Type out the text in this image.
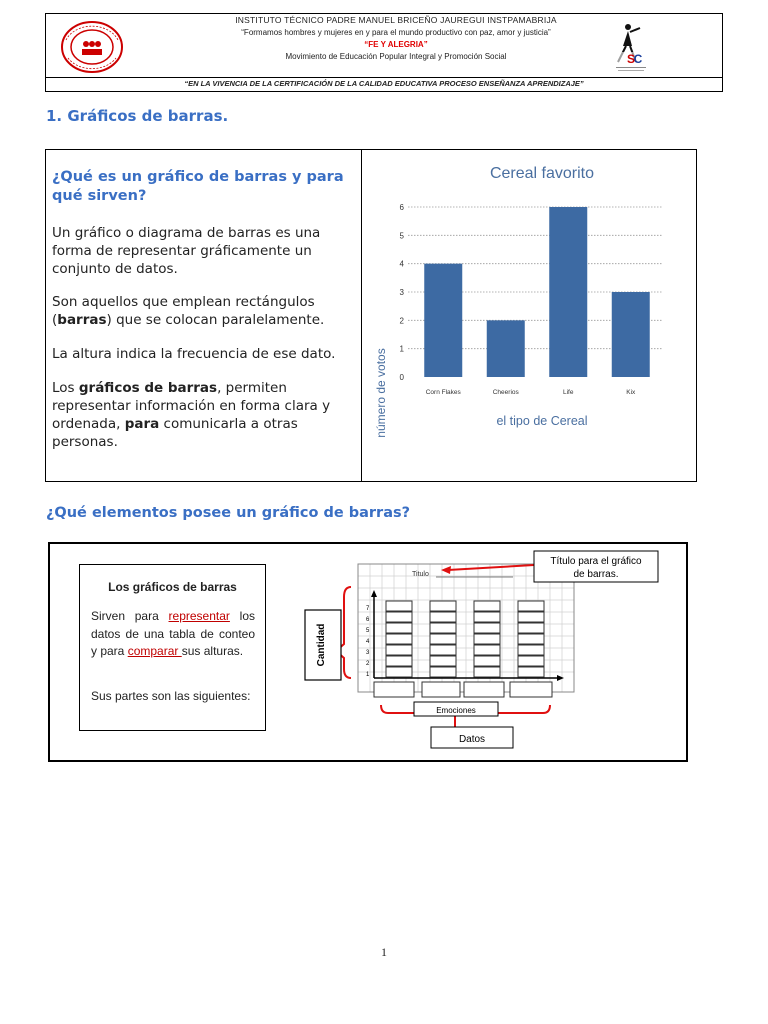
INSTITUTO TÉCNICO PADRE MANUEL BRICEÑO JAUREGUI INSTPAMABRIJA
“Formamos hombres y mujeres en y para el mundo productivo con paz, amor y justicia”
“FE Y ALEGRIA”
Movimiento de Educación Popular Integral y Promoción Social	S
C
“EN LA VIVENCIA DE LA CERTIFICACIÓN DE LA CALIDAD EDUCATIVA PROCESO ENSEÑANZA APRENDIZAJE”
1. Gráficos de barras.
¿Qué es un gráfico de barras y para qué sirven?
Un gráfico o diagrama de barras es una forma de representar gráficamente un conjunto de datos.
Son aquellos que emplean rectángulos (barras) que se colocan paralelamente.
La altura indica la frecuencia de ese dato.
Los gráficos de barras, permiten representar información en forma clara y ordenada, para comunicarla a otras personas.
Cereal favorito
número de votos	el tipo de Cereal
0
1
2
3
4
5
6
Corn Flakes	Cheerios	Life	Kix
¿Qué elementos posee un gráfico de barras?
Titulo
1
2
3
4
5
6
7
Cantidad
Emociones
Datos
Título para el gráfico
de barras.
Los gráficos de barras
Sirven para representar los datos de una tabla de conteo y para comparar sus alturas.
Sus partes son las siguientes:
1
